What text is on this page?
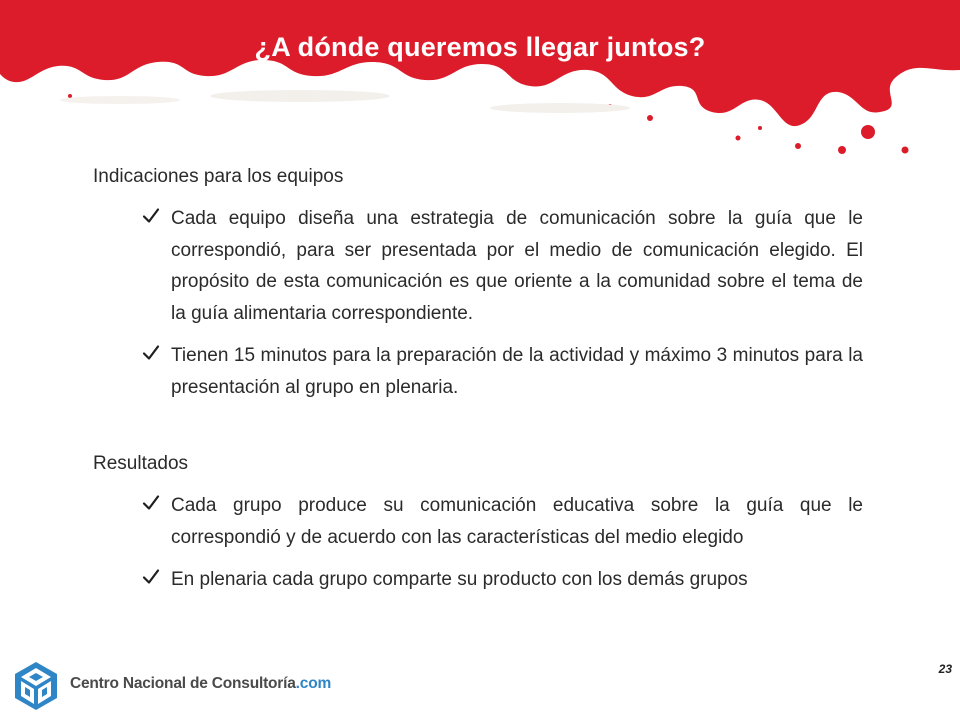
¿A dónde queremos llegar juntos?
Indicaciones para los equipos
Cada equipo diseña una estrategia de comunicación sobre la guía que le correspondió, para ser presentada por el medio de comunicación elegido. El propósito de esta comunicación es que oriente a la comunidad sobre el tema de la guía alimentaria correspondiente.
Tienen 15 minutos para la preparación de la actividad y máximo 3 minutos para la presentación al grupo en plenaria.
Resultados
Cada grupo produce su comunicación educativa sobre la guía que le correspondió y de acuerdo con las características del medio elegido
En plenaria cada grupo comparte su producto con los demás grupos
Centro Nacional de Consultoría.com
23
